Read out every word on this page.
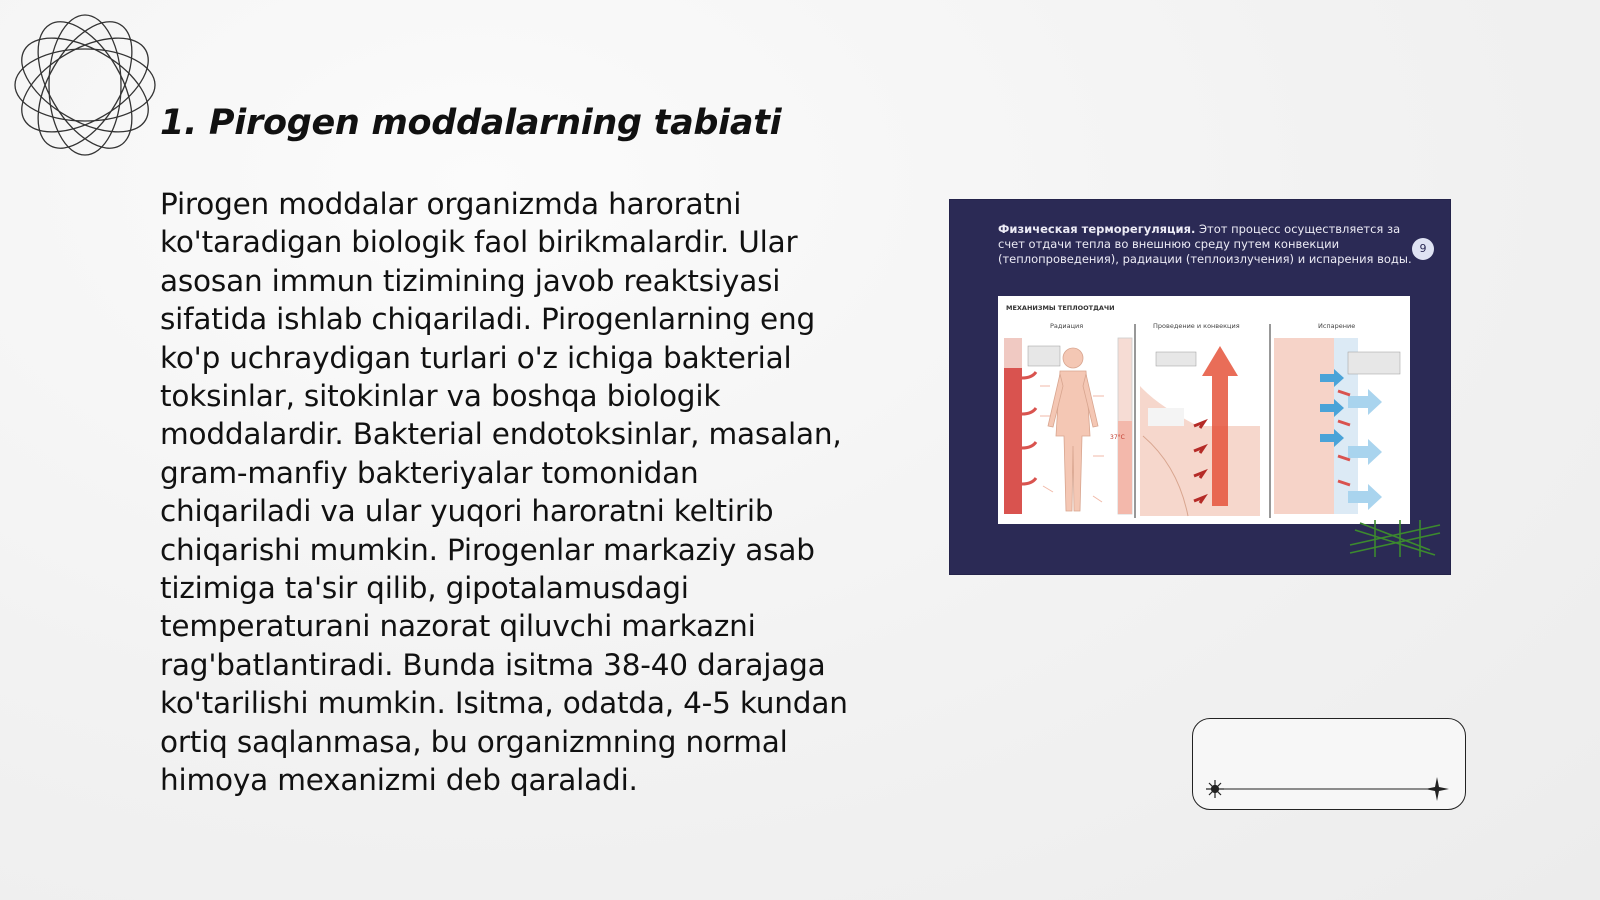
1. Pirogen moddalarning tabiati

Pirogen moddalar organizmda haroratni ko'taradigan biologik faol birikmalardir. Ular asosan immun tizimining javob reaktsiyasi sifatida ishlab chiqariladi. Pirogenlarning eng ko'p uchraydigan turlari o'z ichiga bakterial toksinlar, sitokinlar va boshqa biologik moddalardir. Bakterial endotoksinlar, masalan, gram-manfiy bakteriyalar tomonidan chiqariladi va ular yuqori haroratni keltirib chiqarishi mumkin. Pirogenlar markaziy asab tizimiga ta'sir qilib, gipotalamusdagi temperaturani nazorat qiluvchi markazni rag'batlantiradi. Bunda isitma 38-40 darajaga ko'tarilishi mumkin. Isitma, odatda, 4-5 kundan ortiq saqlanmasa, bu organizmning normal himoya mexanizmi deb qaraladi.

Физическая терморегуляция. Этот процесс осуществляется за счет отдачи тепла во внешнюю среду путем конвекции (теплопроведения), радиации (теплоизлучения) и испарения воды.
9
МЕХАНИЗМЫ ТЕПЛООТДАЧИ
Радиация	Проведение и конвекция	Испарение
37°C
